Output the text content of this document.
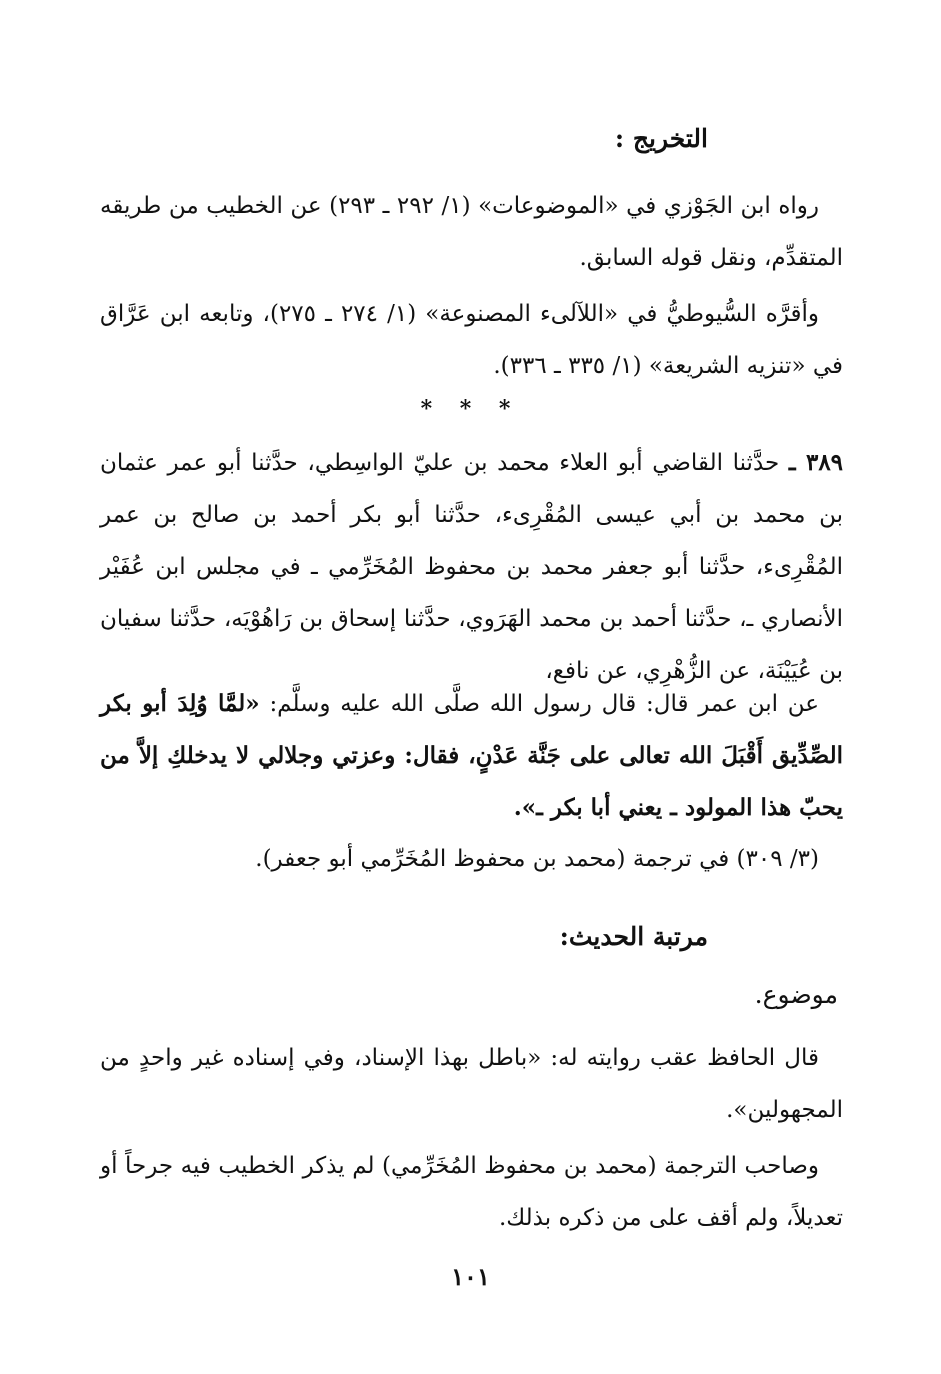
التخريج :
رواه ابن الجَوْزي في «الموضوعات» (١/ ٢٩٢ ـ ٢٩٣) عن الخطيب من طريقه المتقدِّم، ونقل قوله السابق.
وأقرَّه السُّيوطيُّ في «اللآلىء المصنوعة» (١/ ٢٧٤ ـ ٢٧٥)، وتابعه ابن عَرَّاق في «تنزيه الشريعة» (١/ ٣٣٥ ـ ٣٣٦).
* * *
٣٨٩ ـ حدَّثنا القاضي أبو العلاء محمد بن عليّ الواسِطي، حدَّثنا أبو عمر عثمان بن محمد بن أبي عيسى المُقْرِىء، حدَّثنا أبو بكر أحمد بن صالح بن عمر المُقْرِىء، حدَّثنا أبو جعفر محمد بن محفوظ المُخَرِّمي ـ في مجلس ابن عُفَيْر الأنصاري ـ، حدَّثنا أحمد بن محمد الهَرَوي، حدَّثنا إسحاق بن رَاهُوْيَه، حدَّثنا سفيان بن عُيَيْنَة، عن الزُّهْرِي، عن نافع،
عن ابن عمر قال: قال رسول الله صلَّى الله عليه وسلَّم: «لمَّا وُلِدَ أبو بكر الصِّدِّيق أَقْبَلَ الله تعالى على جَنَّة عَدْنٍ، فقال: وعزتي وجلالي لا يدخلكِ إلاَّ من يحبّ هذا المولود ـ يعني أبا بكر ـ».
(٣/ ٣٠٩) في ترجمة (محمد بن محفوظ المُخَرِّمي أبو جعفر).
مرتبة الحديث:
موضوع.
قال الحافظ عقب روايته له: «باطل بهذا الإسناد، وفي إسناده غير واحدٍ من المجهولين».
وصاحب الترجمة (محمد بن محفوظ المُخَرِّمي) لم يذكر الخطيب فيه جرحاً أو تعديلاً، ولم أقف على من ذكره بذلك.
١٠١
